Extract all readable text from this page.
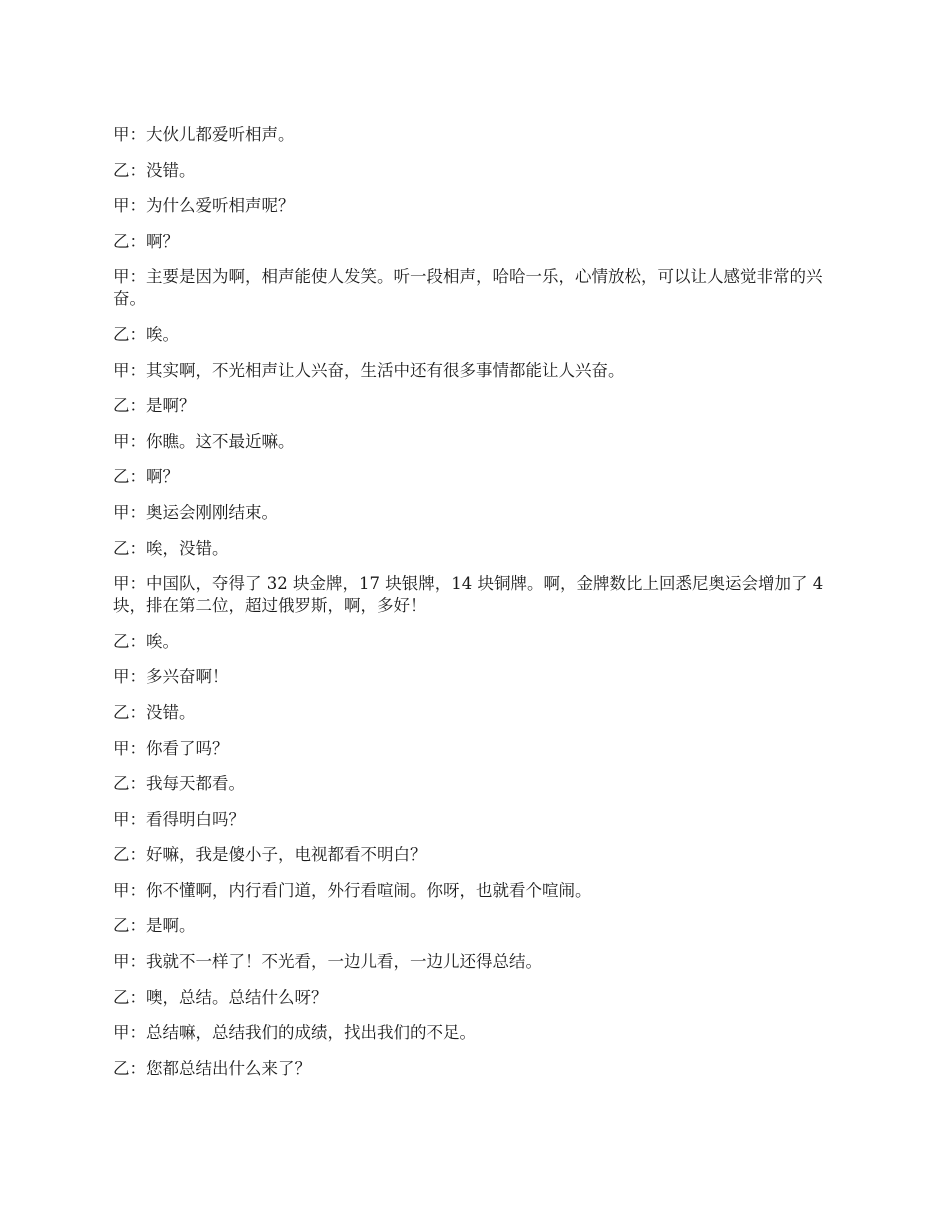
甲：大伙儿都爱听相声。

乙：没错。

甲：为什么爱听相声呢？

乙：啊？

甲：主要是因为啊，相声能使人发笑。听一段相声，哈哈一乐，心情放松，可以让人感觉非常的兴奋。

乙：唉。

甲：其实啊，不光相声让人兴奋，生活中还有很多事情都能让人兴奋。

乙：是啊？

甲：你瞧。这不最近嘛。

乙：啊？

甲：奥运会刚刚结束。

乙：唉，没错。

甲：中国队，夺得了 32 块金牌，17 块银牌，14 块铜牌。啊，金牌数比上回悉尼奥运会增加了 4 块，排在第二位，超过俄罗斯，啊，多好！

乙：唉。

甲：多兴奋啊！

乙：没错。

甲：你看了吗？

乙：我每天都看。

甲：看得明白吗？

乙：好嘛，我是傻小子，电视都看不明白？

甲：你不懂啊，内行看门道，外行看喧闹。你呀，也就看个喧闹。

乙：是啊。

甲：我就不一样了！不光看，一边儿看，一边儿还得总结。

乙：噢，总结。总结什么呀？

甲：总结嘛，总结我们的成绩，找出我们的不足。

乙：您都总结出什么来了？
